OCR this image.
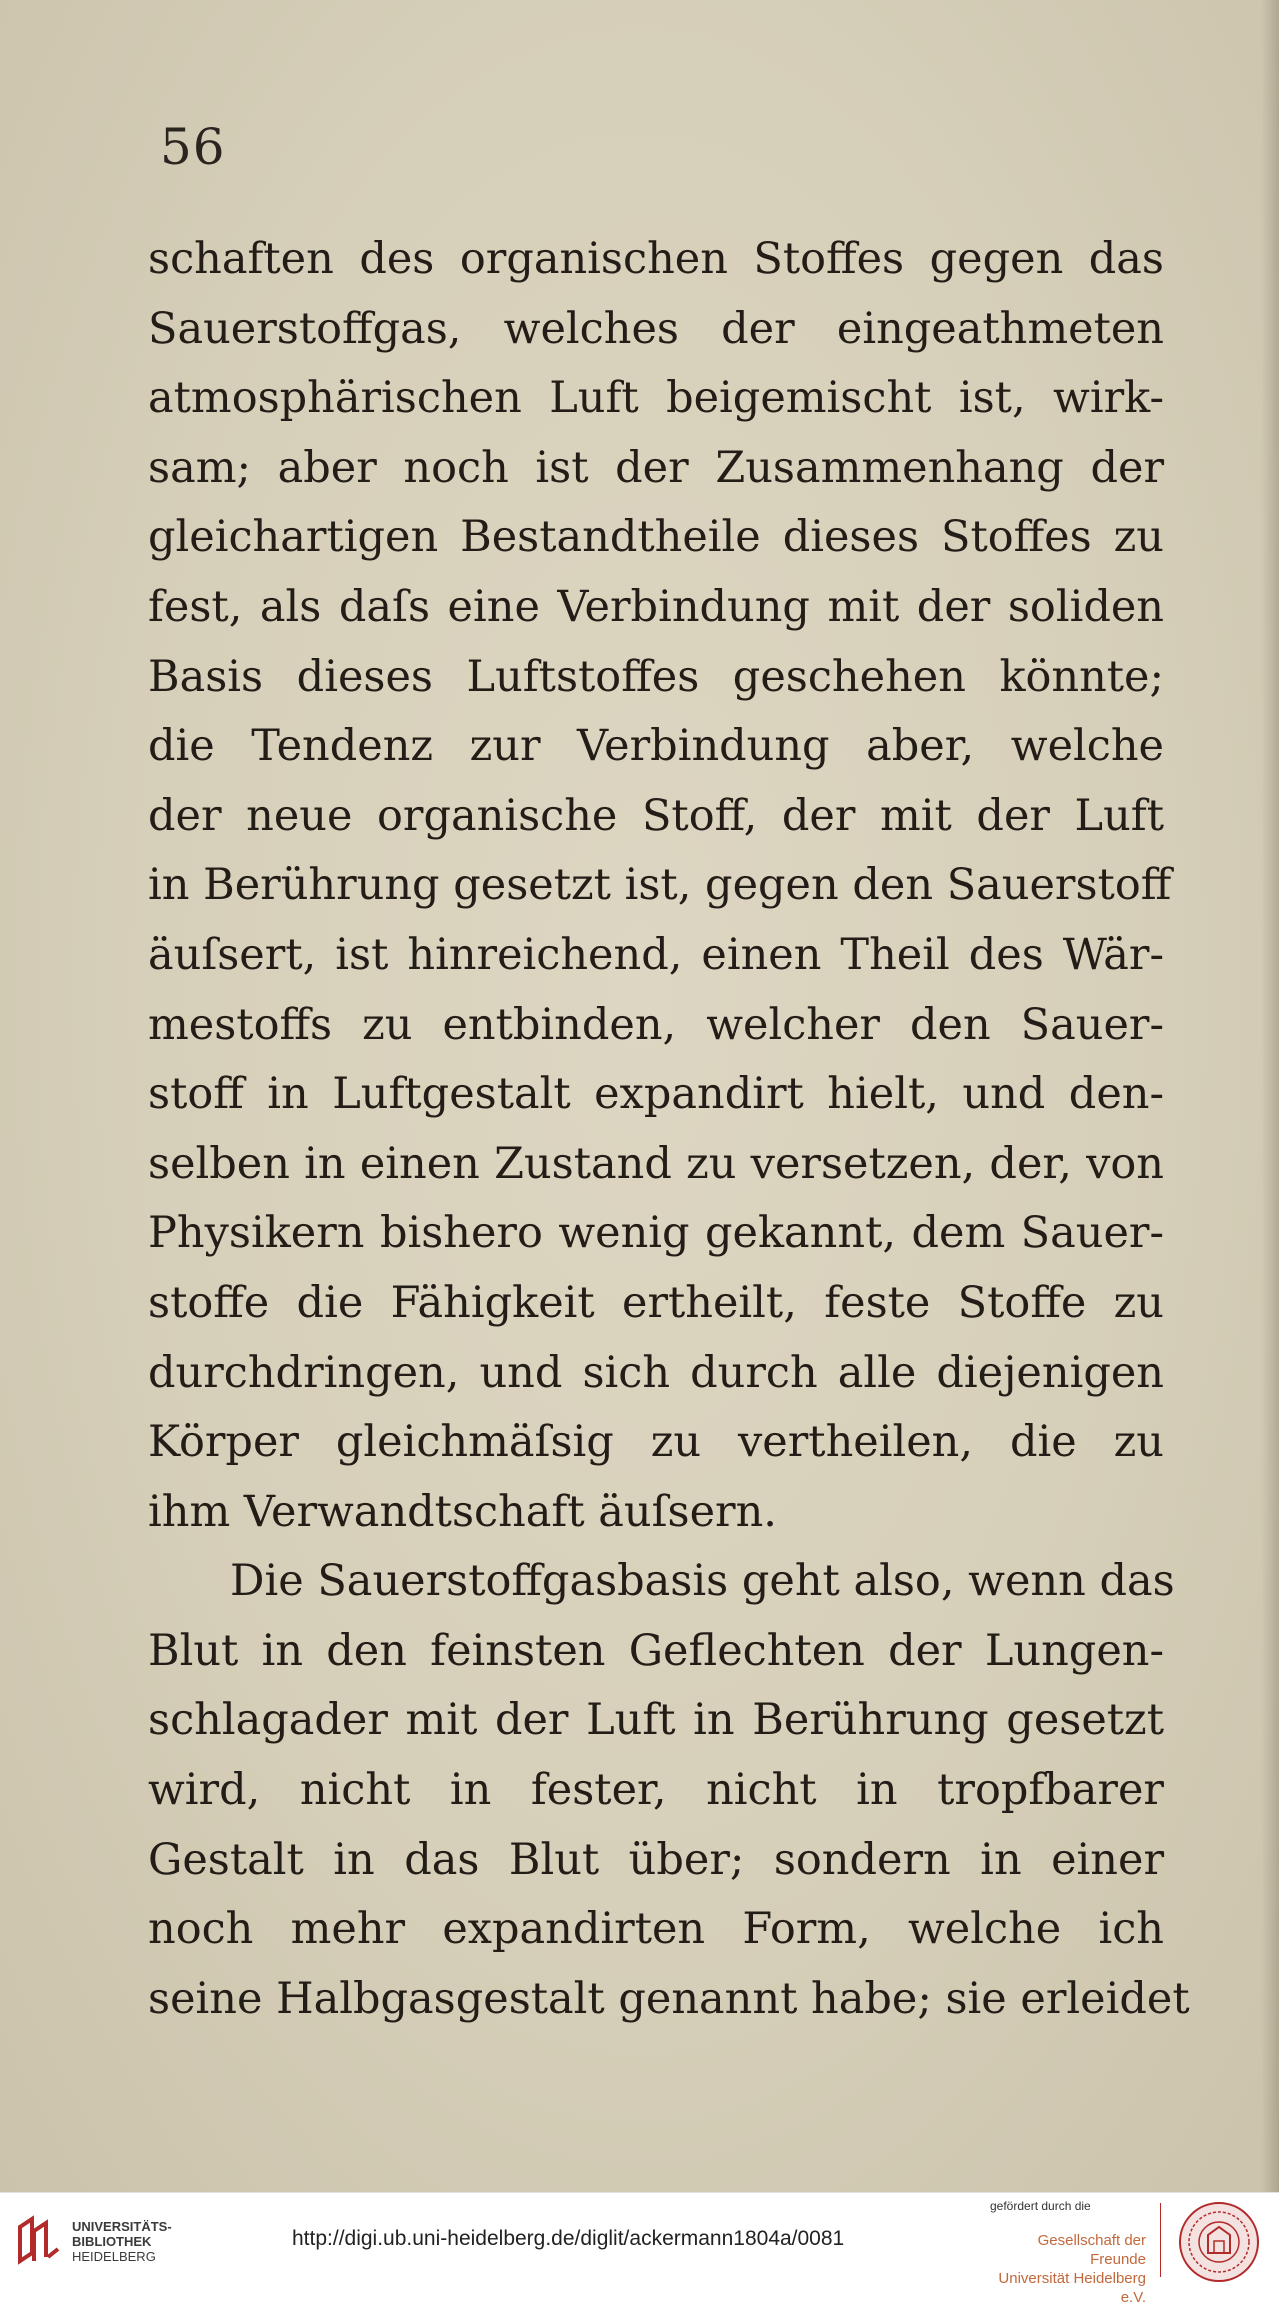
56
schaften des organischen Stoffes gegen das
Sauerstoffgas, welches der eingeathmeten
atmosphärischen Luft beigemischt ist, wirk-
sam; aber noch ist der Zusammenhang der
gleichartigen Bestandtheile dieses Stoffes zu
fest, als daſs eine Verbindung mit der soliden
Basis dieses Luftstoffes geschehen könnte;
die Tendenz zur Verbindung aber, welche
der neue organische Stoff, der mit der Luft
in Berührung gesetzt ist, gegen den Sauerstoff
äuſsert, ist hinreichend, einen Theil des Wär-
mestoffs zu entbinden, welcher den Sauer-
stoff in Luftgestalt expandirt hielt, und den-
selben in einen Zustand zu versetzen, der, von
Physikern bishero wenig gekannt, dem Sauer-
stoffe die Fähigkeit ertheilt, feste Stoffe zu
durchdringen, und sich durch alle diejenigen
Körper gleichmäſsig zu vertheilen, die zu
ihm Verwandtschaft äuſsern.
Die Sauerstoffgasbasis geht also, wenn das
Blut in den feinsten Geflechten der Lungen-
schlagader mit der Luft in Berührung gesetzt
wird, nicht in fester, nicht in tropfbarer
Gestalt in das Blut über; sondern in einer
noch mehr expandirten Form, welche ich
seine Halbgasgestalt genannt habe; sie erleidet
UNIVERSITÄTS-
BIBLIOTHEK
HEIDELBERG
http://digi.ub.uni-heidelberg.de/diglit/ackermann1804a/0081
gefördert durch die
Gesellschaft der Freunde
Universität Heidelberg e.V.
